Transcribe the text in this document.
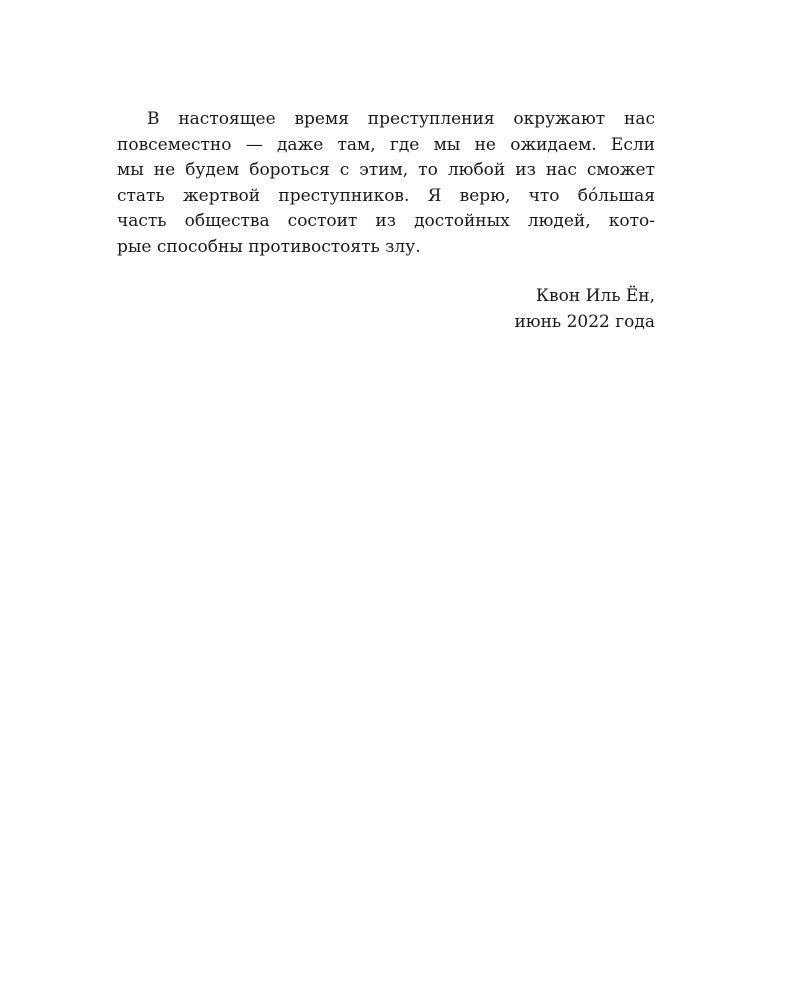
В настоящее время преступления окружают нас
повсеместно — даже там, где мы не ожидаем. Если
мы не будем бороться с этим, то любой из нас сможет
стать жертвой преступников. Я верю, что бóльшая
часть общества состоит из достойных людей, кото-
рые способны противостоять злу.
Квон Иль Ён,
июнь 2022 года
